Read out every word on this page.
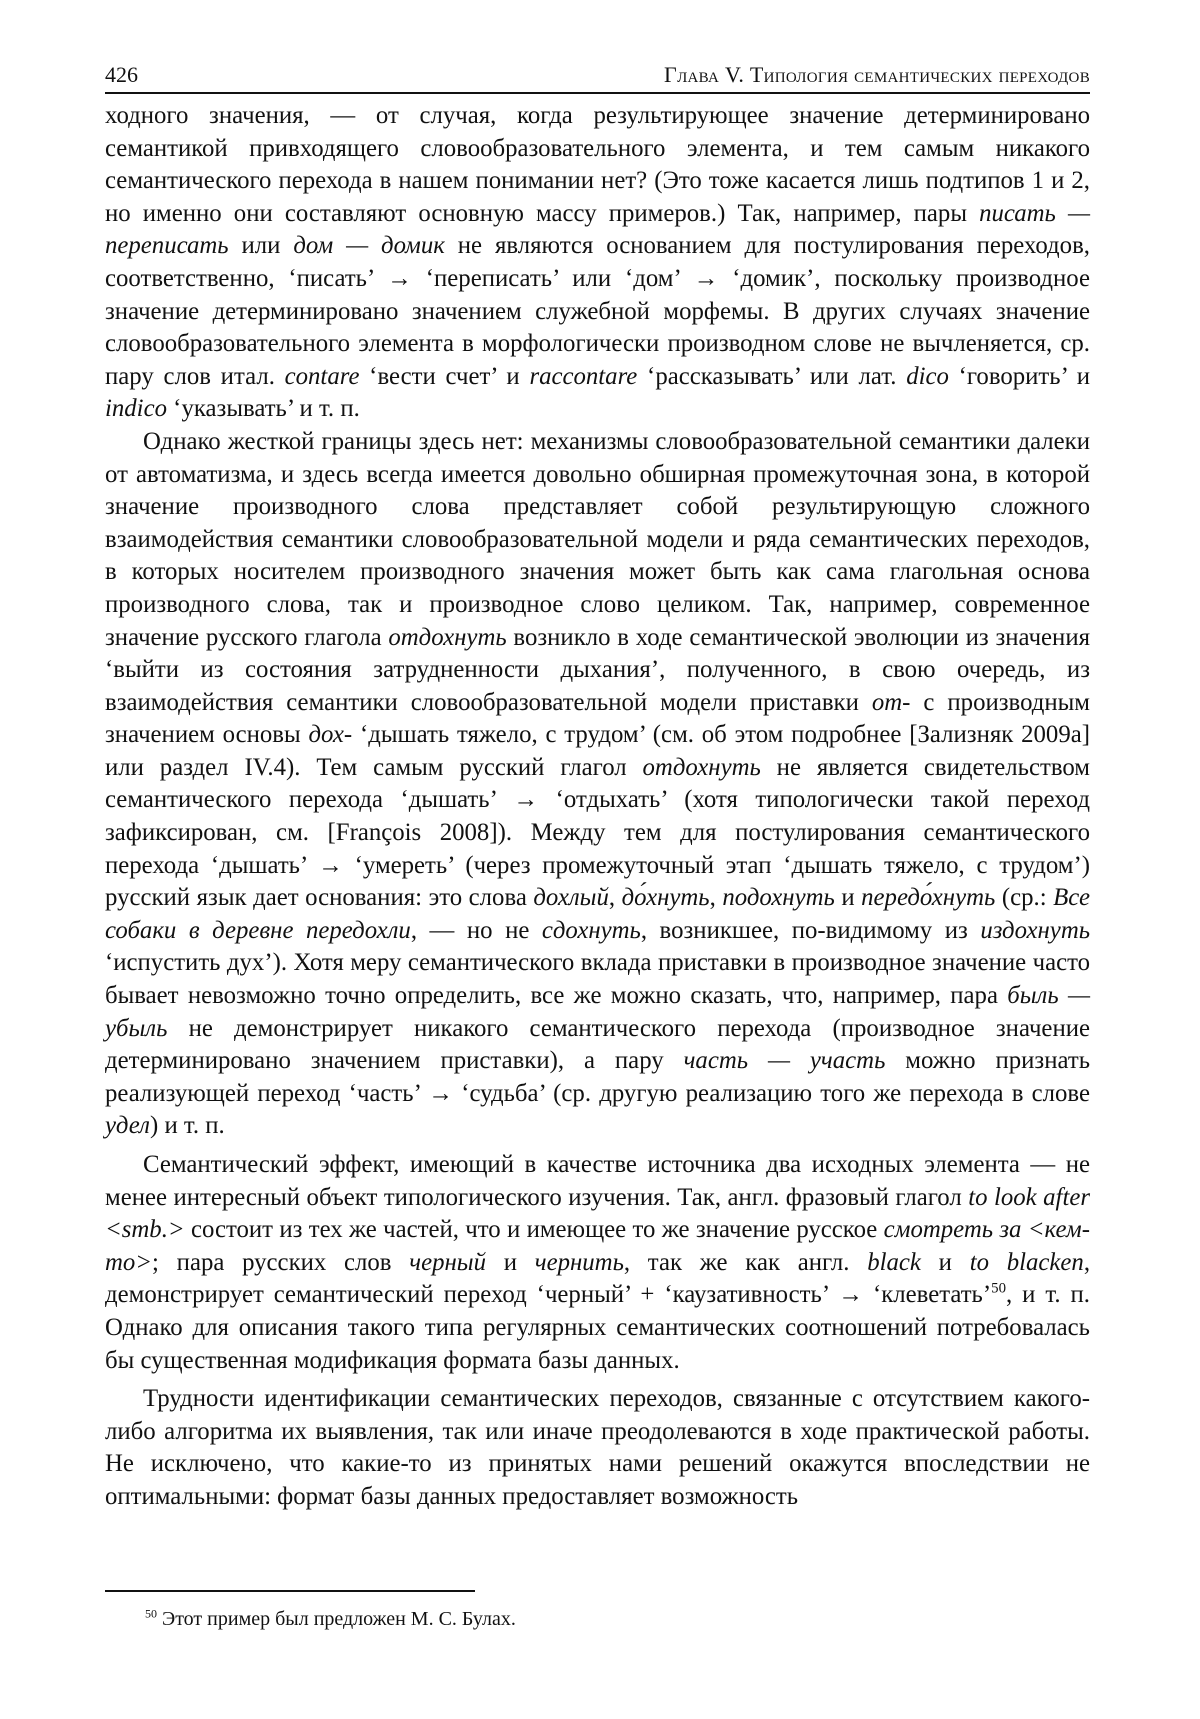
426	Глава V. Типология семантических переходов

ходного значения, — от случая, когда результирующее значение детерминировано семантикой привходящего словообразовательного элемента, и тем самым никакого семантического перехода в нашем понимании нет? (Это тоже касается лишь подтипов 1 и 2, но именно они составляют основную массу примеров.) Так, например, пары писать — переписать или дом — домик не являются основанием для постулирования переходов, соответственно, ‘писать’ → ‘переписать’ или ‘дом’ → ‘домик’, поскольку производное значение детерминировано значением служебной морфемы. В других случаях значение словообразовательного элемента в морфологически производном слове не вычленяется, ср. пару слов итал. contare ‘вести счет’ и raccontare ‘рассказывать’ или лат. dico ‘говорить’ и indico ‘указывать’ и т. п.

Однако жесткой границы здесь нет: механизмы словообразовательной семантики далеки от автоматизма, и здесь всегда имеется довольно обширная промежуточная зона, в которой значение производного слова представляет собой результирующую сложного взаимодействия семантики словообразовательной модели и ряда семантических переходов, в которых носителем производного значения может быть как сама глагольная основа производного слова, так и производное слово целиком. Так, например, современное значение русского глагола отдохнуть возникло в ходе семантической эволюции из значения ‘выйти из состояния затрудненности дыхания’, полученного, в свою очередь, из взаимодействия семантики словообразовательной модели приставки от- с производным значением основы дох- ‘дышать тяжело, с трудом’ (см. об этом подробнее [Зализняк 2009а] или раздел IV.4). Тем самым русский глагол отдохнуть не является свидетельством семантического перехода ‘дышать’ → ‘отдыхать’ (хотя типологически такой переход зафиксирован, см. [François 2008]). Между тем для постулирования семантического перехода ‘дышать’ → ‘умереть’ (через промежуточный этап ‘дышать тяжело, с трудом’) русский язык дает основания: это слова дохлый, до́хнуть, подохнуть и передо́хнуть (ср.: Все собаки в деревне передохли, — но не сдохнуть, возникшее, по-видимому из издохнуть ‘испустить дух’). Хотя меру семантического вклада приставки в производное значение часто бывает невозможно точно определить, все же можно сказать, что, например, пара быль — убыль не демонстрирует никакого семантического перехода (производное значение детерминировано значением приставки), а пару часть — участь можно признать реализующей переход ‘часть’ → ‘судьба’ (ср. другую реализацию того же перехода в слове удел) и т. п.

Семантический эффект, имеющий в качестве источника два исходных элемента — не менее интересный объект типологического изучения. Так, англ. фразовый глагол to look after <smb.> состоит из тех же частей, что и имеющее то же значение русское смотреть за <кем-то>; пара русских слов черный и чернить, так же как англ. black и to blacken, демонстрирует семантический переход ‘черный’ + ‘каузативность’ → ‘клеветать’$^{50}$, и т. п. Однако для описания такого типа регулярных семантических соотношений потребовалась бы существенная модификация формата базы данных.

Трудности идентификации семантических переходов, связанные с отсутствием какого-либо алгоритма их выявления, так или иначе преодолеваются в ходе практической работы. Не исключено, что какие-то из принятых нами решений окажутся впоследствии не оптимальными: формат базы данных предоставляет возможность

$^{50}$ Этот пример был предложен М. С. Булах.
